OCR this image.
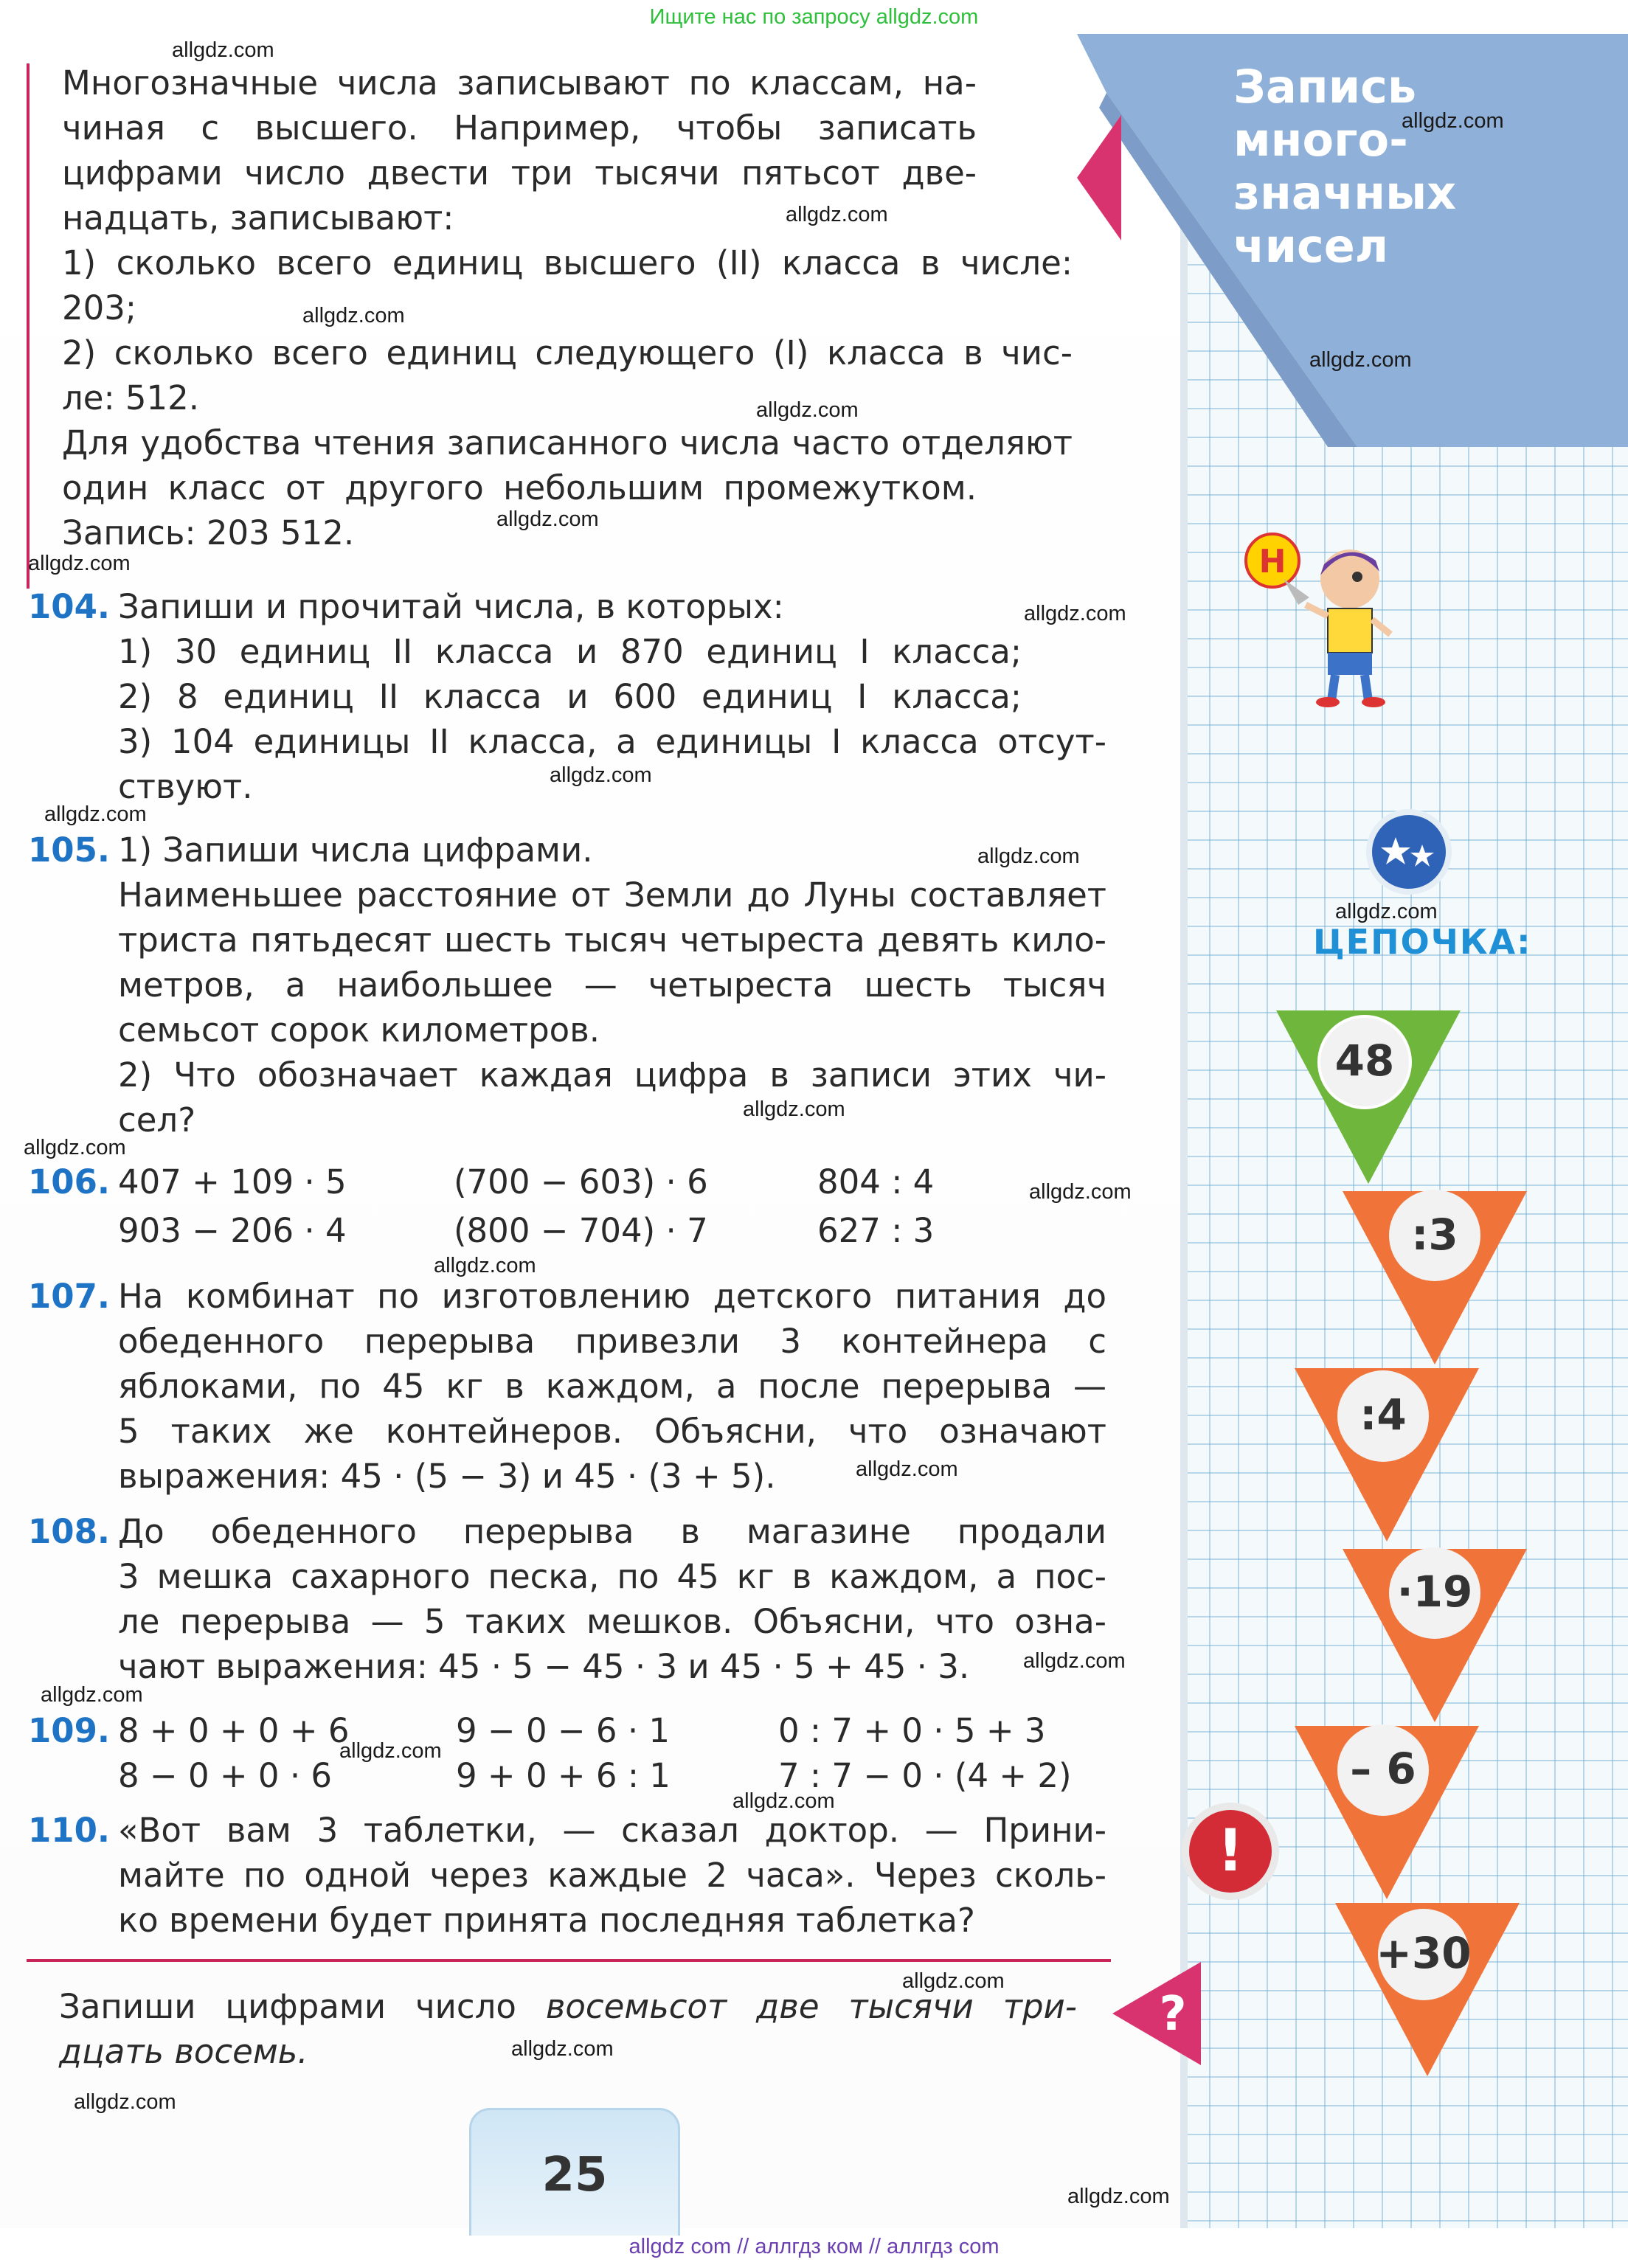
Ищите нас по запросу allgdz.com
Запись
много-
значных
чисел
Многозначные числа записывают по классам, на-
чиная с высшего. Например, чтобы записать
цифрами число двести три тысячи пятьсот две-
надцать, записывают:
1) сколько всего единиц высшего (II) класса в числе:
203;
2) сколько всего единиц следующего (I) класса в чис-
ле: 512.
Для удобства чтения записанного числа часто отделяют
один класс от другого небольшим промежутком.
Запись: 203 512.
104. Запиши и прочитай числа, в которых:
1) 30 единиц II класса и 870 единиц I класса;
2) 8 единиц II класса и 600 единиц I класса;
3) 104 единицы II класса, а единицы I класса отсут-
ствуют.
105. 1) Запиши числа цифрами.
Наименьшее расстояние от Земли до Луны составляет
триста пятьдесят шесть тысяч четыреста девять кило-
метров, а наибольшее — четыреста шесть тысяч
семьсот сорок километров.
2) Что обозначает каждая цифра в записи этих чи-
сел?
106. 407 + 109 · 5	(700 − 603) · 6	804 : 4
903 − 206 · 4	(800 − 704) · 7	627 : 3
107. На комбинат по изготовлению детского питания до
обеденного перерыва привезли 3 контейнера с
яблоками, по 45 кг в каждом, а после перерыва —
5 таких же контейнеров. Объясни, что означают
выражения: 45 · (5 − 3) и 45 · (3 + 5).
108. До обеденного перерыва в магазине продали
3 мешка сахарного песка, по 45 кг в каждом, а пос-
ле перерыва — 5 таких мешков. Объясни, что озна-
чают выражения: 45 · 5 − 45 · 3 и 45 · 5 + 45 · 3.
109. 8 + 0 + 0 + 6	9 − 0 − 6 · 1	0 : 7 + 0 · 5 + 3
8 − 0 + 0 · 6	9 + 0 + 6 : 1	7 : 7 − 0 · (4 + 2)
110. «Вот вам 3 таблетки, — сказал доктор. — Прини-
майте по одной через каждые 2 часа». Через сколь-
ко времени будет принята последняя таблетка?
Запиши цифрами число восемьсот две тысячи три-
дцать восемь.
?
25
Н
ЦЕПОЧКА:
48
:3
:4
·19
– 6
+30
!
allgdz.com
allgdz.com
allgdz.com
allgdz.com
allgdz.com
allgdz.com
allgdz.com
allgdz.com
allgdz.com
allgdz.com
allgdz.com
allgdz.com
allgdz.com
allgdz.com
allgdz.com
allgdz.com
allgdz.com
allgdz.com
allgdz.com
allgdz.com
allgdz.com
allgdz.com
allgdz.com
allgdz.com
allgdz.com
allgdz.com
allgdz com // аллгдз ком // аллгдз com
